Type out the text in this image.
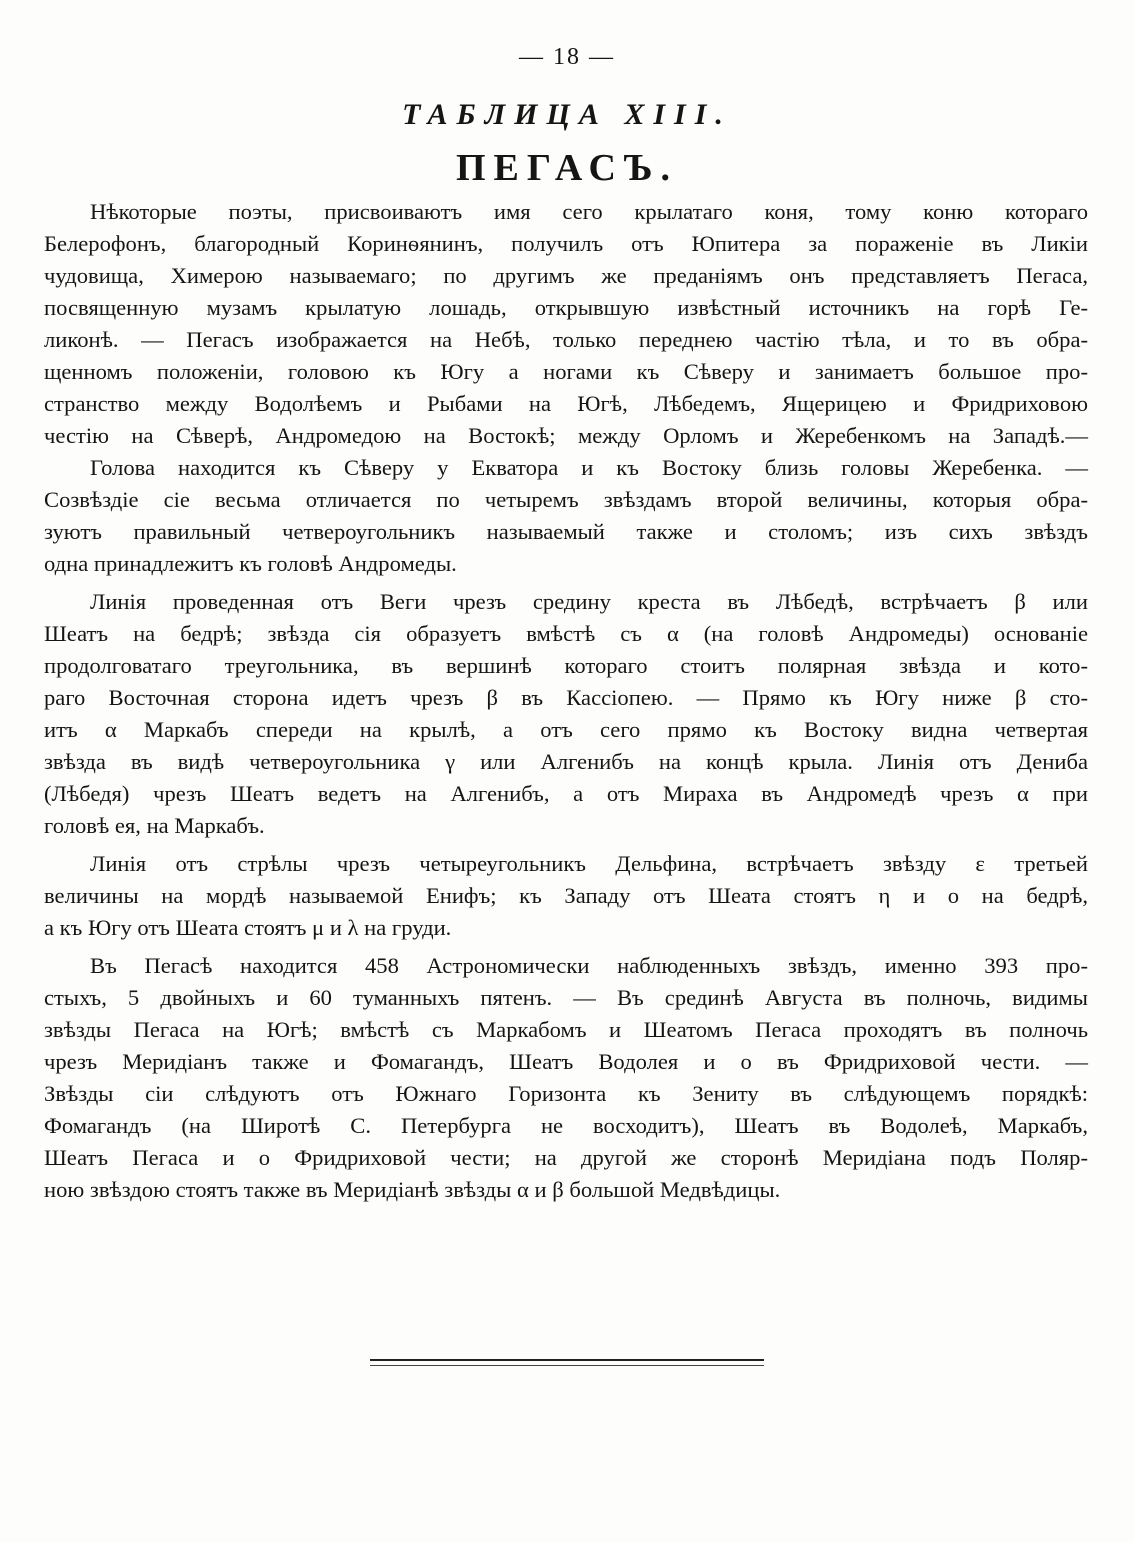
— 18 —
ТАБЛИЦА XIII.
ПЕГАСЪ.
Нѣкоторые поэты, присвоиваютъ имя сего крылатаго коня, тому коню котораго
Белерофонъ, благородный Коринѳянинъ, получилъ отъ Юпитера за пораженіе въ Ликіи
чудовища, Химерою называемаго; по другимъ же преданіямъ онъ представляетъ Пегаса,
посвященную музамъ крылатую лошадь, открывшую извѣстный источникъ на горѣ Ге-
ликонѣ. — Пегасъ изображается на Небѣ, только переднею частію тѣла, и то въ обра-
щенномъ положеніи, головою къ Югу а ногами къ Сѣверу и занимаетъ большое про-
странство между Водолѣемъ и Рыбами на Югѣ, Лѣбедемъ, Ящерицею и Фридриховою
честію на Сѣверѣ, Андромедою на Востокѣ; между Орломъ и Жеребенкомъ на Западѣ.—
Голова находится къ Сѣверу у Екватора и къ Востоку близь головы Жеребенка. —
Созвѣздіе сіе весьма отличается по четыремъ звѣздамъ второй величины, которыя обра-
зуютъ правильный четвероугольникъ называемый также и столомъ; изъ сихъ звѣздъ
одна принадлежитъ къ головѣ Андромеды.
Линія проведенная отъ Веги чрезъ средину креста въ Лѣбедѣ, встрѣчаетъ β или
Шеатъ на бедрѣ; звѣзда сія образуетъ вмѣстѣ съ α (на головѣ Андромеды) основаніе
продолговатаго треугольника, въ вершинѣ котораго стоитъ полярная звѣзда и кото-
раго Восточная сторона идетъ чрезъ β въ Кассіопею. — Прямо къ Югу ниже β сто-
итъ α Маркабъ спереди на крылѣ, а отъ сего прямо къ Востоку видна четвертая
звѣзда въ видѣ четвероугольника γ или Алгенибъ на концѣ крыла. Линія отъ Дениба
(Лѣбедя) чрезъ Шеатъ ведетъ на Алгенибъ, а отъ Мираха въ Андромедѣ чрезъ α при
головѣ ея, на Маркабъ.
Линія отъ стрѣлы чрезъ четыреугольникъ Дельфина, встрѣчаетъ звѣзду ε третьей
величины на мордѣ называемой Енифъ; къ Западу отъ Шеата стоятъ η и ο на бедрѣ,
а къ Югу отъ Шеата стоятъ μ и λ на груди.
Въ Пегасѣ находится 458 Астрономически наблюденныхъ звѣздъ, именно 393 про-
стыхъ, 5 двойныхъ и 60 туманныхъ пятенъ. — Въ срединѣ Августа въ полночь, видимы
звѣзды Пегаса на Югѣ; вмѣстѣ съ Маркабомъ и Шеатомъ Пегаса проходятъ въ полночь
чрезъ Меридіанъ также и Фомагандъ, Шеатъ Водолея и ο въ Фридриховой чести. —
Звѣзды сіи слѣдуютъ отъ Южнаго Горизонта къ Зениту въ слѣдующемъ порядкѣ:
Фомагандъ (на Широтѣ С. Петербурга не восходитъ), Шеатъ въ Водолеѣ, Маркабъ,
Шеатъ Пегаса и ο Фридриховой чести; на другой же сторонѣ Меридіана подъ Поляр-
ною звѣздою стоятъ также въ Меридіанѣ звѣзды α и β большой Медвѣдицы.
